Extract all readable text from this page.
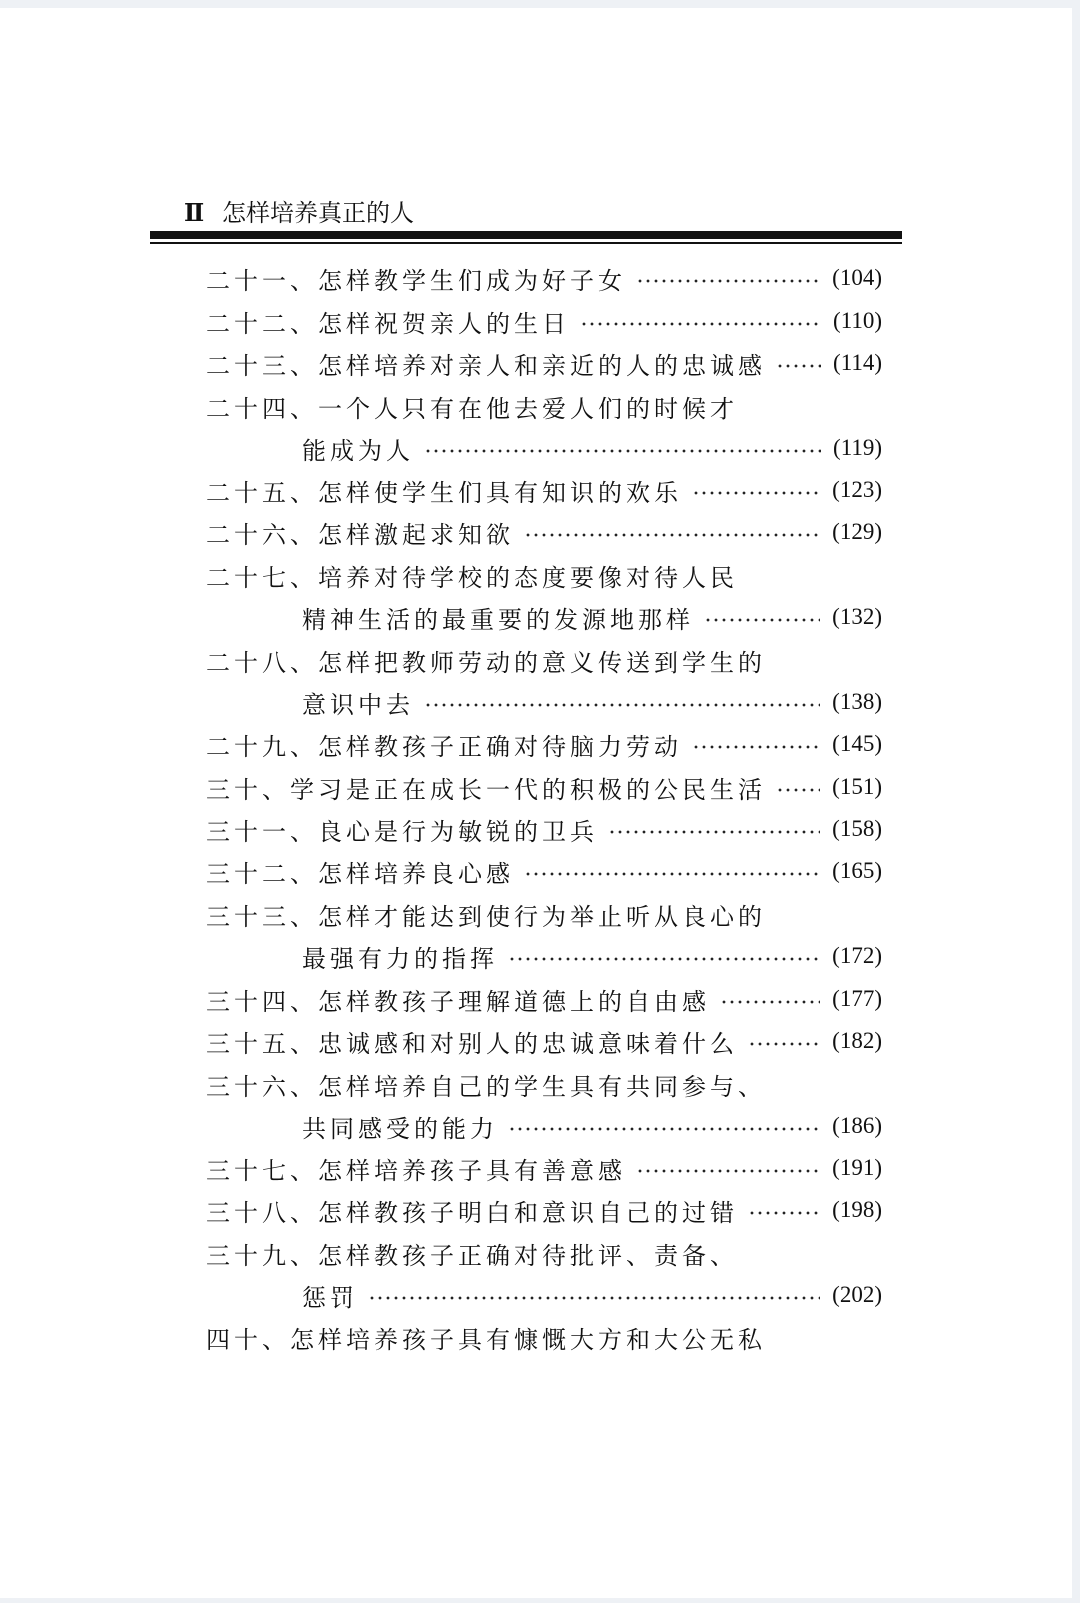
Ⅱ 怎样培养真正的人
二十一、怎样教学生们成为好子女	(104)
二十二、怎样祝贺亲人的生日	(110)
二十三、怎样培养对亲人和亲近的人的忠诚感	(114)
二十四、一个人只有在他去爱人们的时候才
能成为人	(119)
二十五、怎样使学生们具有知识的欢乐	(123)
二十六、怎样激起求知欲	(129)
二十七、培养对待学校的态度要像对待人民
精神生活的最重要的发源地那样	(132)
二十八、怎样把教师劳动的意义传送到学生的
意识中去	(138)
二十九、怎样教孩子正确对待脑力劳动	(145)
三十、学习是正在成长一代的积极的公民生活	(151)
三十一、良心是行为敏锐的卫兵	(158)
三十二、怎样培养良心感	(165)
三十三、怎样才能达到使行为举止听从良心的
最强有力的指挥	(172)
三十四、怎样教孩子理解道德上的自由感	(177)
三十五、忠诚感和对别人的忠诚意味着什么	(182)
三十六、怎样培养自己的学生具有共同参与、
共同感受的能力	(186)
三十七、怎样培养孩子具有善意感	(191)
三十八、怎样教孩子明白和意识自己的过错	(198)
三十九、怎样教孩子正确对待批评、责备、
惩罚	(202)
四十、怎样培养孩子具有慷慨大方和大公无私
